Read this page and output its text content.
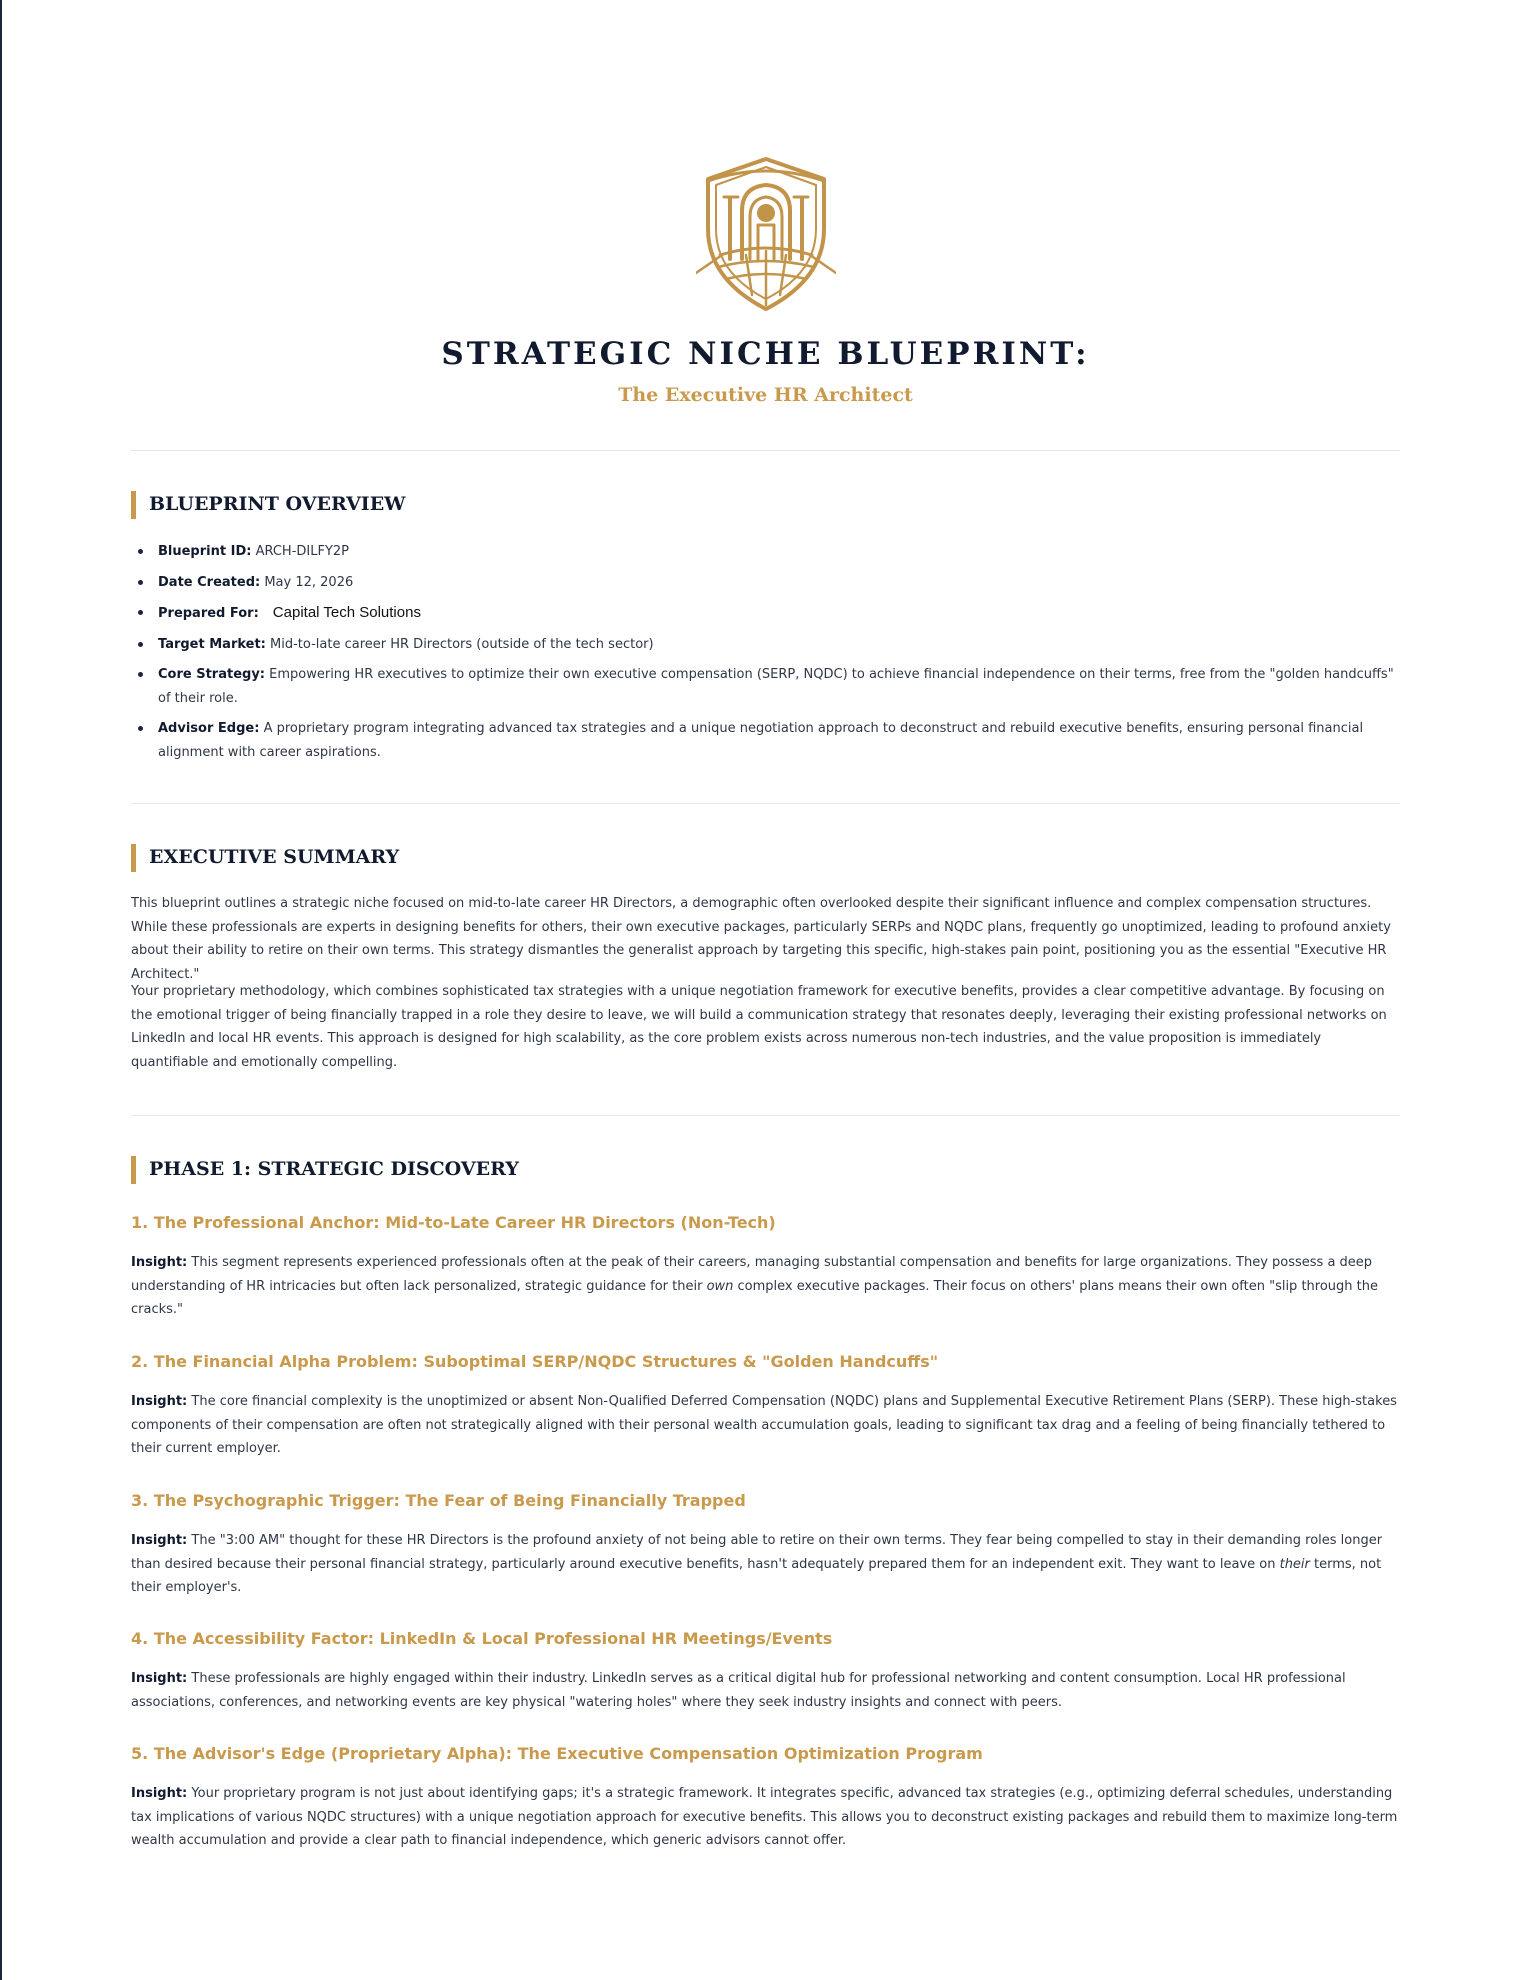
STRATEGIC NICHE BLUEPRINT:
The Executive HR Architect
BLUEPRINT OVERVIEW
Blueprint ID: ARCH-DILFY2P
Date Created: May 12, 2026
Prepared For: Capital Tech Solutions
Target Market: Mid-to-late career HR Directors (outside of the tech sector)
Core Strategy: Empowering HR executives to optimize their own executive compensation (SERP, NQDC) to achieve financial independence on their terms, free from the "golden handcuffs" of their role.
Advisor Edge: A proprietary program integrating advanced tax strategies and a unique negotiation approach to deconstruct and rebuild executive benefits, ensuring personal financial alignment with career aspirations.
EXECUTIVE SUMMARY

This blueprint outlines a strategic niche focused on mid-to-late career HR Directors, a demographic often overlooked despite their significant influence and complex compensation structures. While these professionals are experts in designing benefits for others, their own executive packages, particularly SERPs and NQDC plans, frequently go unoptimized, leading to profound anxiety about their ability to retire on their own terms. This strategy dismantles the generalist approach by targeting this specific, high-stakes pain point, positioning you as the essential "Executive HR Architect."

Your proprietary methodology, which combines sophisticated tax strategies with a unique negotiation framework for executive benefits, provides a clear competitive advantage. By focusing on the emotional trigger of being financially trapped in a role they desire to leave, we will build a communication strategy that resonates deeply, leveraging their existing professional networks on LinkedIn and local HR events. This approach is designed for high scalability, as the core problem exists across numerous non-tech industries, and the value proposition is immediately quantifiable and emotionally compelling.

PHASE 1: STRATEGIC DISCOVERY
1. The Professional Anchor: Mid-to-Late Career HR Directors (Non-Tech)

Insight: This segment represents experienced professionals often at the peak of their careers, managing substantial compensation and benefits for large organizations. They possess a deep understanding of HR intricacies but often lack personalized, strategic guidance for their own complex executive packages. Their focus on others' plans means their own often "slip through the cracks."

2. The Financial Alpha Problem: Suboptimal SERP/NQDC Structures & "Golden Handcuffs"

Insight: The core financial complexity is the unoptimized or absent Non-Qualified Deferred Compensation (NQDC) plans and Supplemental Executive Retirement Plans (SERP). These high-stakes components of their compensation are often not strategically aligned with their personal wealth accumulation goals, leading to significant tax drag and a feeling of being financially tethered to their current employer.

3. The Psychographic Trigger: The Fear of Being Financially Trapped

Insight: The "3:00 AM" thought for these HR Directors is the profound anxiety of not being able to retire on their own terms. They fear being compelled to stay in their demanding roles longer than desired because their personal financial strategy, particularly around executive benefits, hasn't adequately prepared them for an independent exit. They want to leave on their terms, not their employer's.

4. The Accessibility Factor: LinkedIn & Local Professional HR Meetings/Events

Insight: These professionals are highly engaged within their industry. LinkedIn serves as a critical digital hub for professional networking and content consumption. Local HR professional associations, conferences, and networking events are key physical "watering holes" where they seek industry insights and connect with peers.

5. The Advisor's Edge (Proprietary Alpha): The Executive Compensation Optimization Program

Insight: Your proprietary program is not just about identifying gaps; it's a strategic framework. It integrates specific, advanced tax strategies (e.g., optimizing deferral schedules, understanding tax implications of various NQDC structures) with a unique negotiation approach for executive benefits. This allows you to deconstruct existing packages and rebuild them to maximize long-term wealth accumulation and provide a clear path to financial independence, which generic advisors cannot offer.
